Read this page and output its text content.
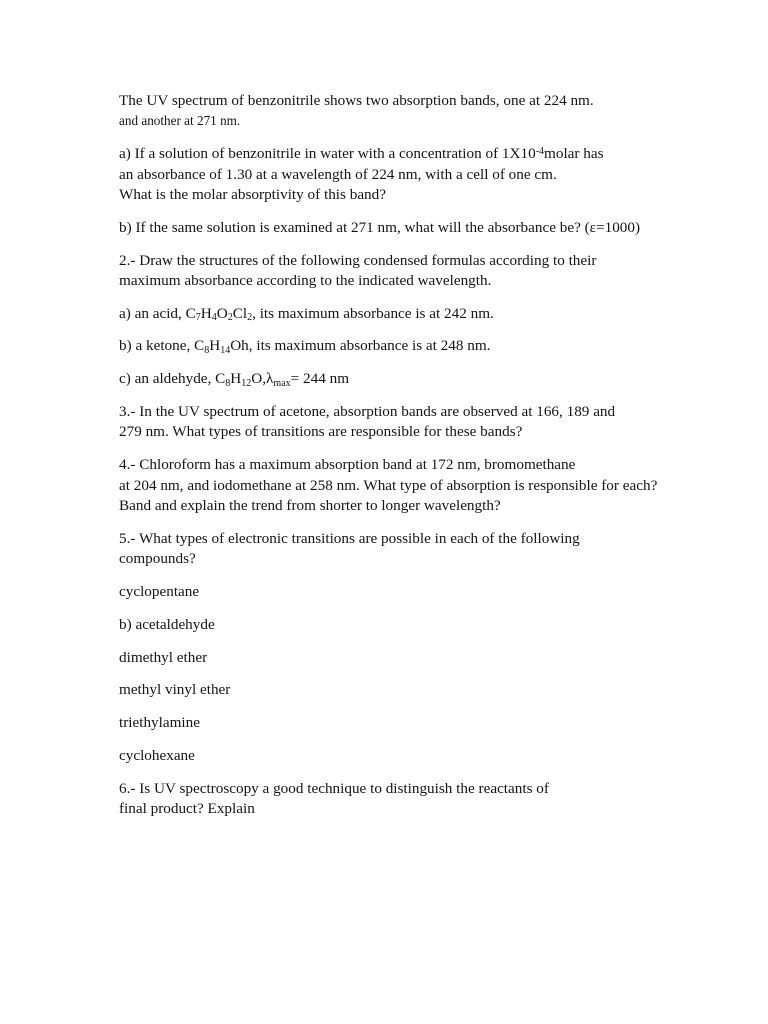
The UV spectrum of benzonitrile shows two absorption bands, one at 224 nm.
and another at 271 nm.

a) If a solution of benzonitrile in water with a concentration of $1X10^{-4}molar$ has
an absorbance of 1.30 at a wavelength of 224 nm, with a cell of one cm.
What is the molar absorptivity of this band?

b) If the same solution is examined at 271 nm, what will the absorbance be? (ε=1000)

2.- Draw the structures of the following condensed formulas according to their
maximum absorbance according to the indicated wavelength.

a) an acid, C7H4O2Cl2, its maximum absorbance is at 242 nm.

b) a ketone, C8H14Oh, its maximum absorbance is at 248 nm.

c) an aldehyde, C8H12O,λmax= 244 nm

3.- In the UV spectrum of acetone, absorption bands are observed at 166, 189 and
279 nm. What types of transitions are responsible for these bands?

4.- Chloroform has a maximum absorption band at 172 nm, bromomethane
at 204 nm, and iodomethane at 258 nm. What type of absorption is responsible for each?
Band and explain the trend from shorter to longer wavelength?

5.- What types of electronic transitions are possible in each of the following
compounds?

cyclopentane

b) acetaldehyde

dimethyl ether

methyl vinyl ether

triethylamine

cyclohexane

6.- Is UV spectroscopy a good technique to distinguish the reactants of
final product? Explain
